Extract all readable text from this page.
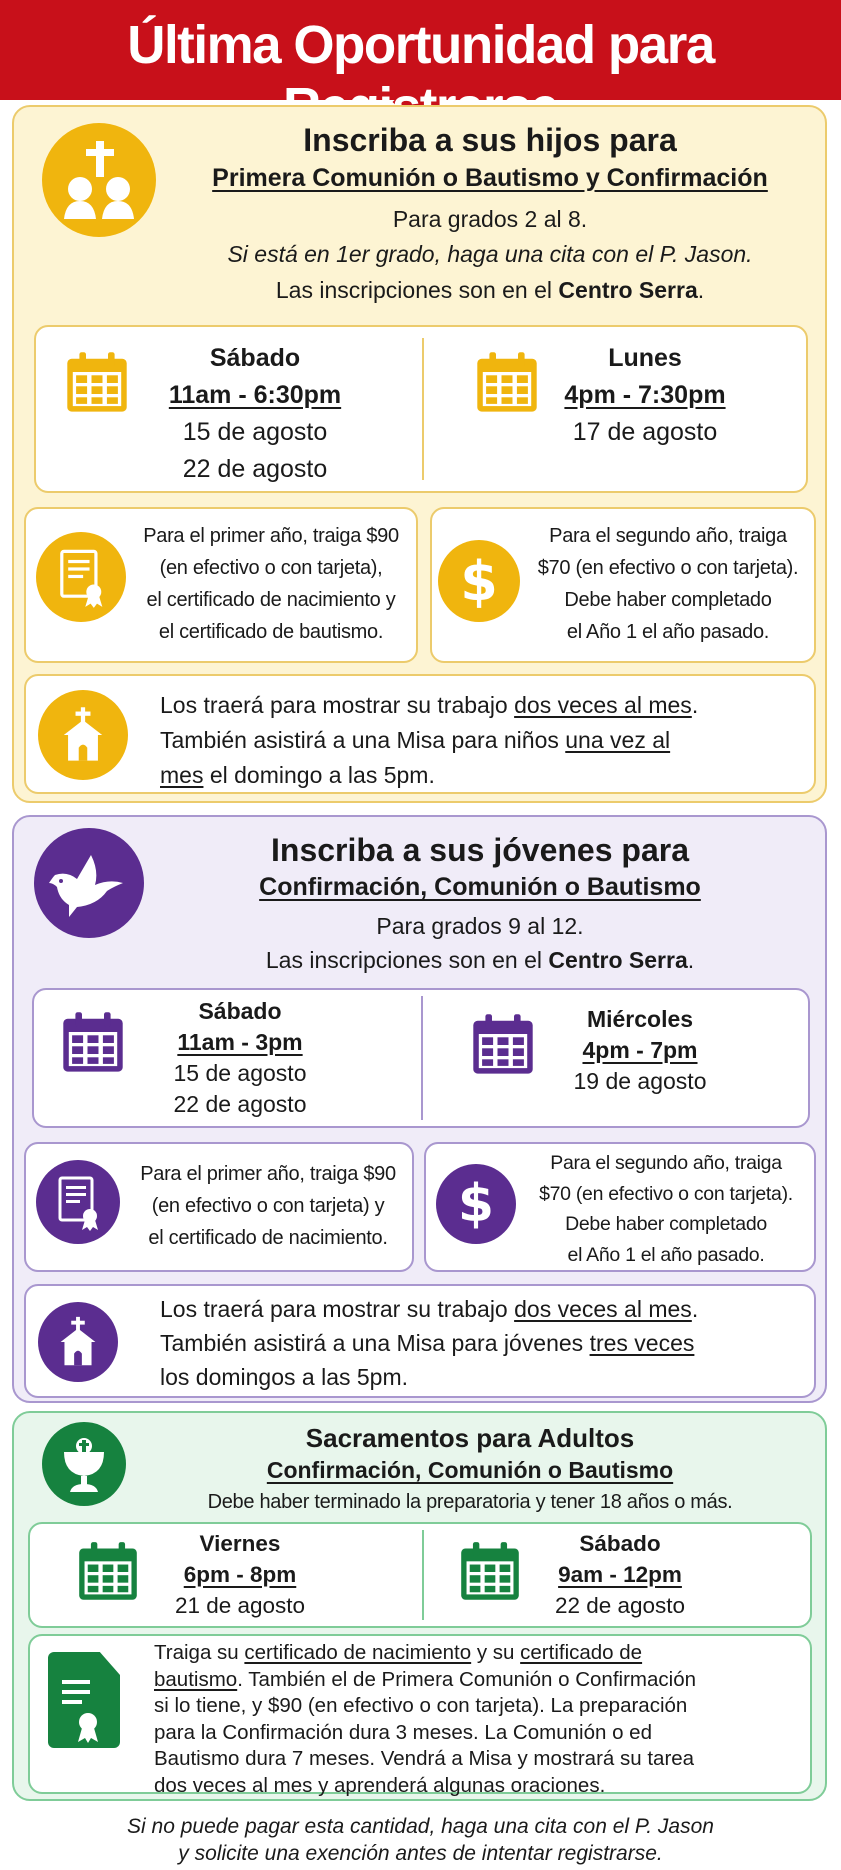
Última Oportunidad para
Inscriba a sus hijos para
Primera Comunión o Bautismo y Confirmación
Para grados 2 al 8.
Si está en 1er grado, haga una cita con el P. Jason.
Las inscripciones son en el Centro Serra.
Sábado
11am - 6:30pm
15 de agosto
22 de agosto
Lunes
4pm - 7:30pm
17 de agosto
Para el primer año, traiga $90
(en efectivo o con tarjeta),
el certificado de nacimiento y
el certificado de bautismo.
$
Para el segundo año, traiga
$70 (en efectivo o con tarjeta).
Debe haber completado
el Año 1 el año pasado.
Los traerá para mostrar su trabajo dos veces al mes.
También asistirá a una Misa para niños una vez al
mes el domingo a las 5pm.
Inscriba a sus jóvenes para
Confirmación, Comunión o Bautismo
Para grados 9 al 12.
Las inscripciones son en el Centro Serra.
Sábado
11am - 3pm
15 de agosto
22 de agosto
Miércoles
4pm - 7pm
19 de agosto
Para el primer año, traiga $90
(en efectivo o con tarjeta) y
el certificado de nacimiento.
$
Para el segundo año, traiga
$70 (en efectivo o con tarjeta).
Debe haber completado
el Año 1 el año pasado.
Los traerá para mostrar su trabajo dos veces al mes.
También asistirá a una Misa para jóvenes tres veces
los domingos a las 5pm.
Sacramentos para Adultos
Confirmación, Comunión o Bautismo
Debe haber terminado la preparatoria y tener 18 años o más.
Viernes
6pm - 8pm
21 de agosto
Sábado
9am - 12pm
22 de agosto
Traiga su certificado de nacimiento y su certificado de
bautismo. También el de Primera Comunión o Confirmación
si lo tiene, y $90 (en efectivo o con tarjeta). La preparación
para la Confirmación dura 3 meses. La Comunión o ed
Bautismo dura 7 meses. Vendrá a Misa y mostrará su tarea
dos veces al mes y aprenderá algunas oraciones.
Si no puede pagar esta cantidad, haga una cita con el P. Jason
y solicite una exención antes de intentar registrarse.
